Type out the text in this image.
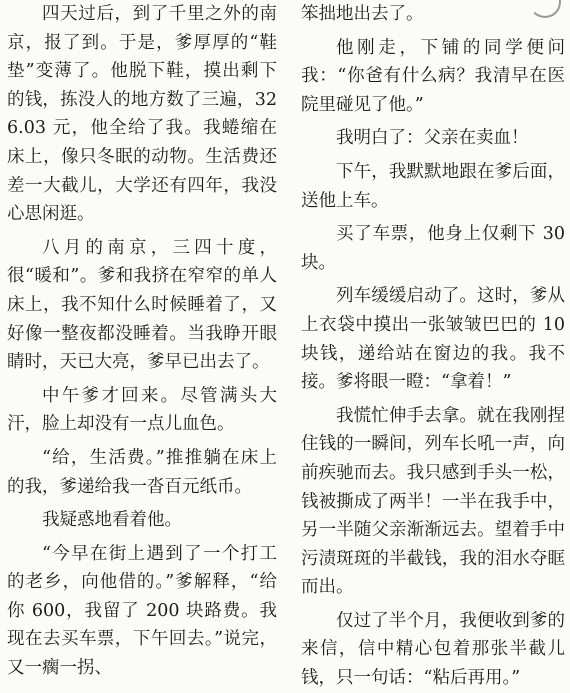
四天过后，到了千里之外的南京，报了到。于是，爹厚厚的“鞋垫”变薄了。他脱下鞋，摸出剩下的钱，拣没人的地方数了三遍，326.03 元，他全给了我。我蜷缩在床上，像只冬眠的动物。生活费还差一大截儿，大学还有四年，我没心思闲逛。

八月的南京，三四十度，很“暖和”。爹和我挤在窄窄的单人床上，我不知什么时候睡着了，又好像一整夜都没睡着。当我睁开眼睛时，天已大亮，爹早已出去了。

中午爹才回来。尽管满头大汗，脸上却没有一点儿血色。

“给，生活费。”推推躺在床上的我，爹递给我一沓百元纸币。

我疑惑地看着他。

“今早在街上遇到了一个打工的老乡，向他借的。”爹解释，“给你 600，我留了 200 块路费。我现在去买车票，下午回去。”说完，又一瘸一拐、

笨拙地出去了。

他刚走，下铺的同学便问我：“你爸有什么病？我清早在医院里碰见了他。”

我明白了：父亲在卖血！

下午，我默默地跟在爹后面，送他上车。

买了车票，他身上仅剩下 30 块。

列车缓缓启动了。这时，爹从上衣袋中摸出一张皱皱巴巴的 10 块钱，递给站在窗边的我。我不接。爹将眼一瞪：“拿着！”

我慌忙伸手去拿。就在我刚捏住钱的一瞬间，列车长吼一声，向前疾驰而去。我只感到手头一松，钱被撕成了两半！一半在我手中，另一半随父亲渐渐远去。望着手中污渍斑斑的半截钱，我的泪水夺眶而出。

仅过了半个月，我便收到爹的来信，信中精心包着那张半截儿钱，只一句话：“粘后再用。”
